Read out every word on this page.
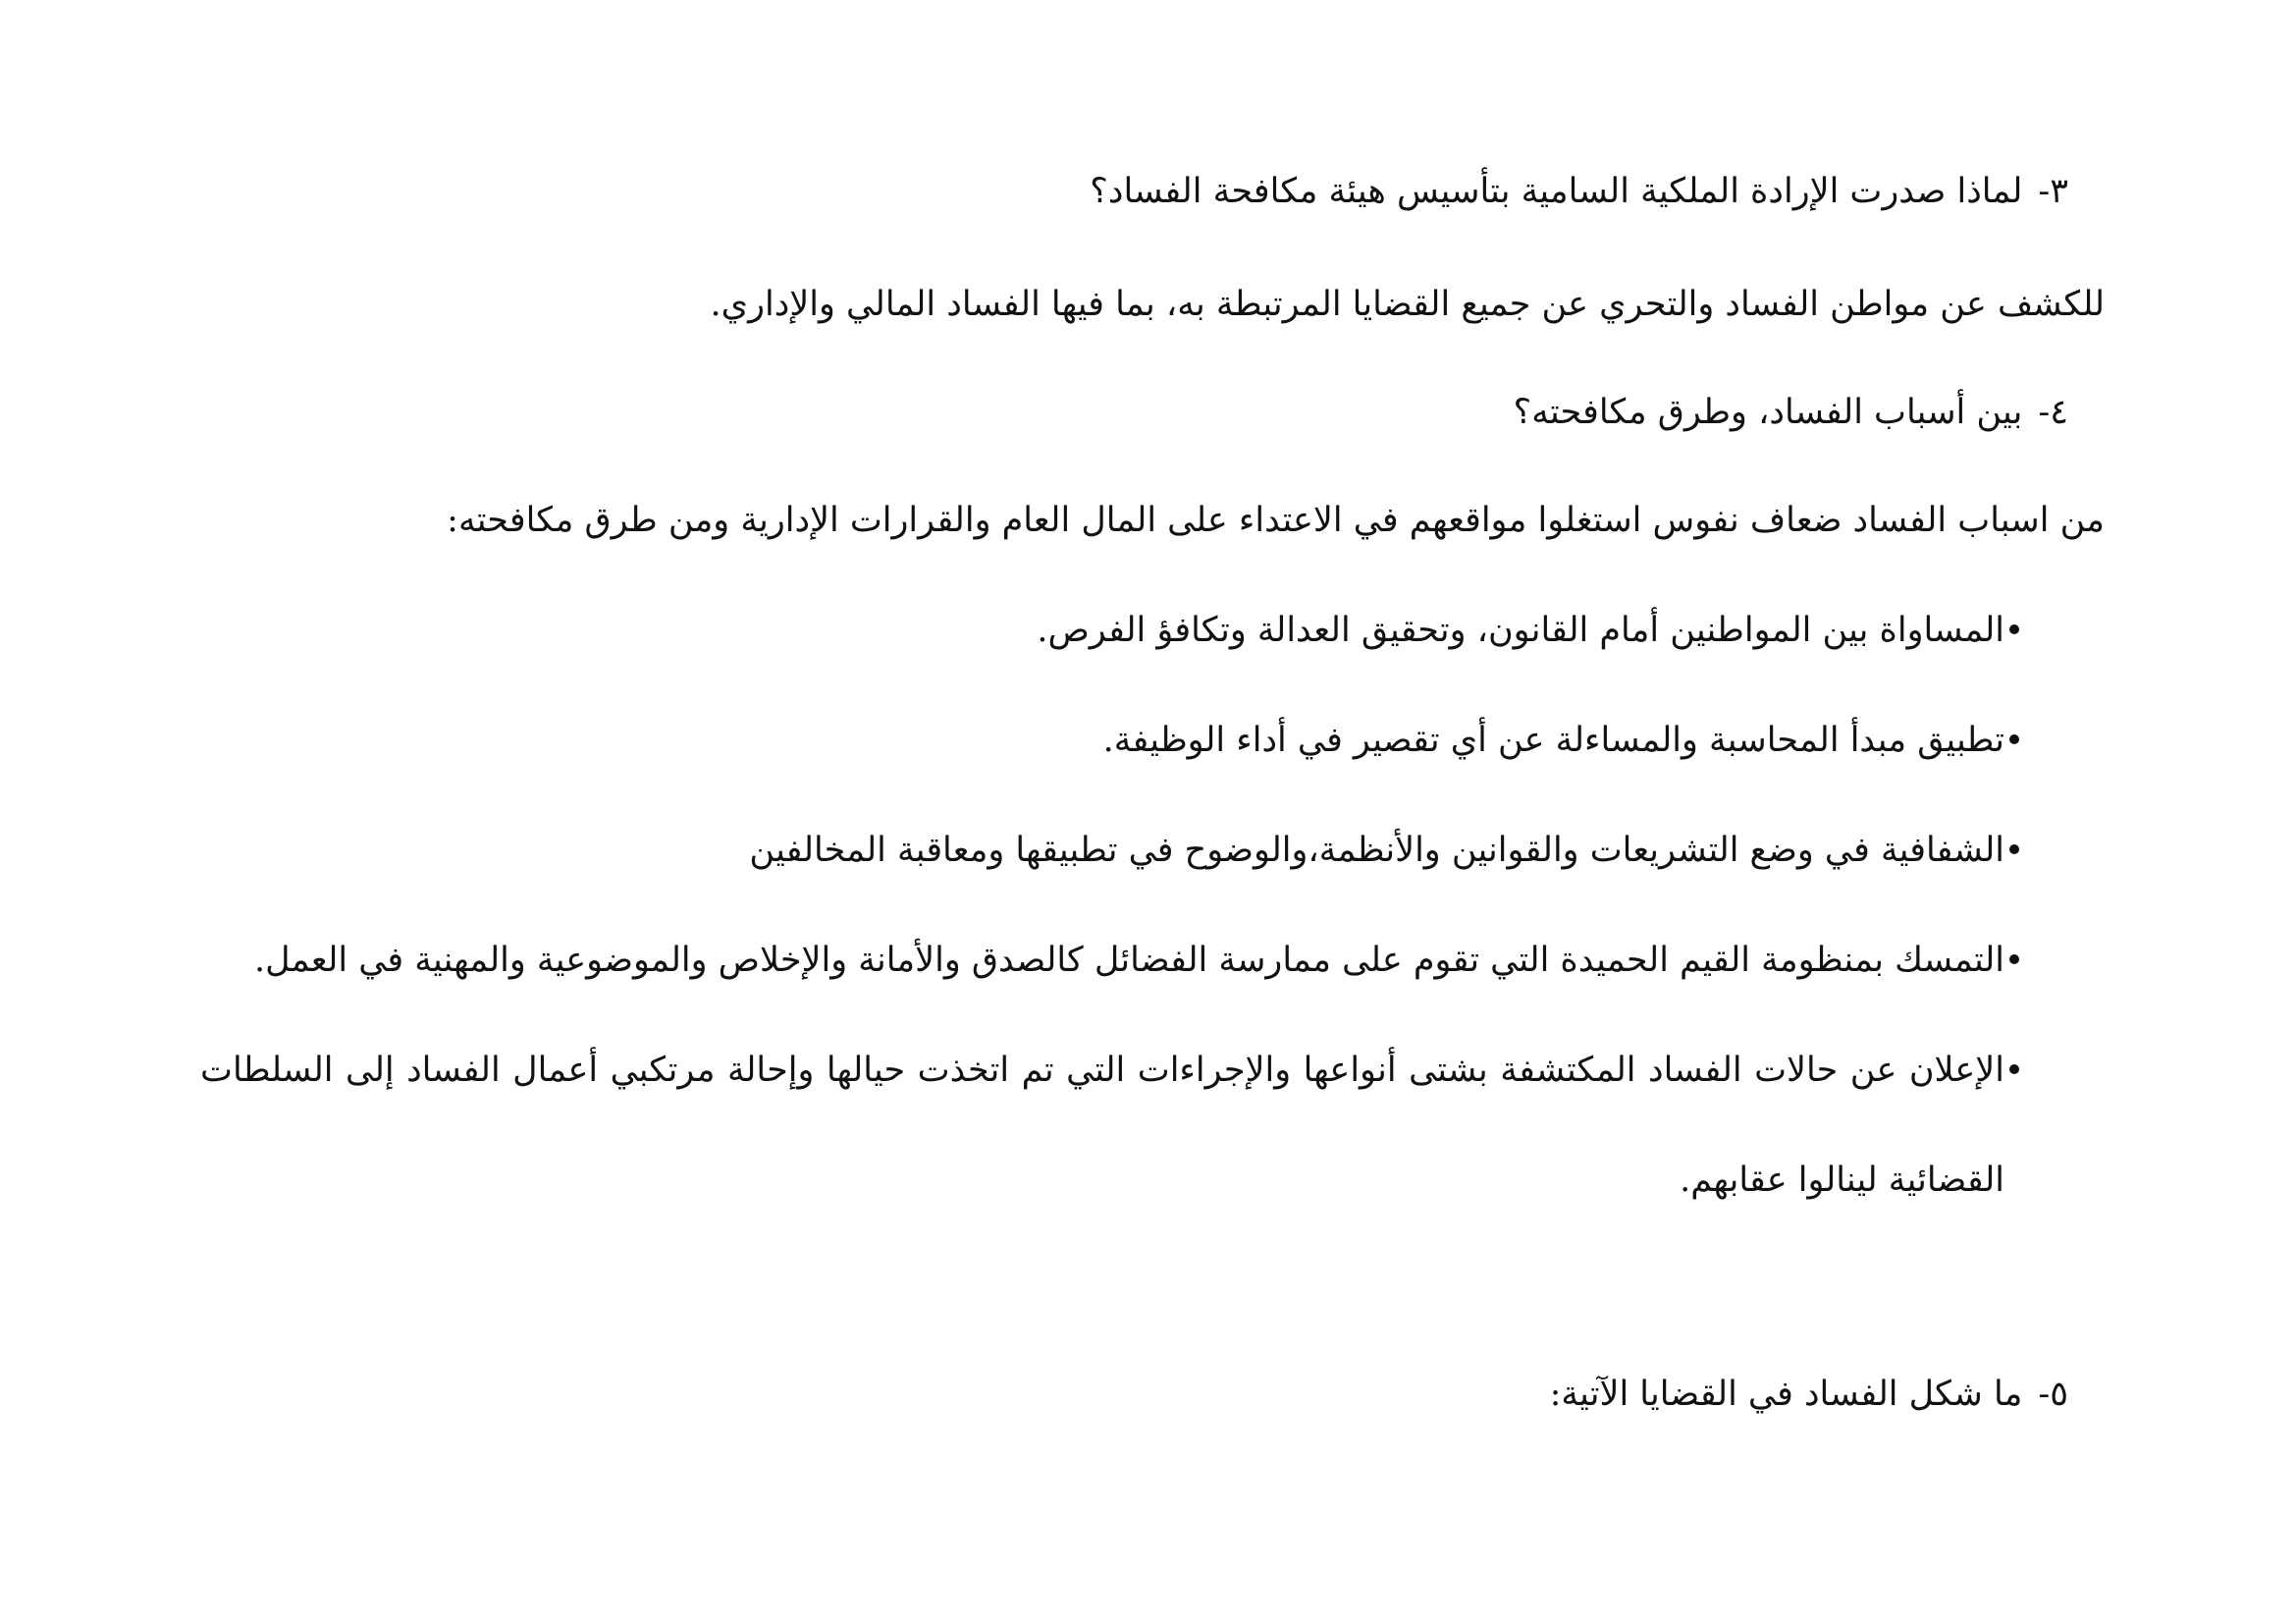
٣-لماذا صدرت الإرادة الملكية السامية بتأسيس هيئة مكافحة الفساد؟
للكشف عن مواطن الفساد والتحري عن جميع القضايا المرتبطة به، بما فيها الفساد المالي والإداري.
٤-بين أسباب الفساد، وطرق مكافحته؟
من اسباب الفساد ضعاف نفوس استغلوا مواقعهم في الاعتداء على المال العام والقرارات الإدارية ومن طرق مكافحته:
المساواة بين المواطنين أمام القانون، وتحقيق العدالة وتكافؤ الفرص.
تطبيق مبدأ المحاسبة والمساءلة عن أي تقصير في أداء الوظيفة.
الشفافية في وضع التشريعات والقوانين والأنظمة،والوضوح في تطبيقها ومعاقبة المخالفين
التمسك بمنظومة القيم الحميدة التي تقوم على ممارسة الفضائل كالصدق والأمانة والإخلاص والموضوعية والمهنية في العمل.
الإعلان عن حالات الفساد المكتشفة بشتى أنواعها والإجراءات التي تم اتخذت حيالها وإحالة مرتكبي أعمال الفساد إلى السلطات
القضائية لينالوا عقابهم.
٥-ما شكل الفساد في القضايا الآتية:
